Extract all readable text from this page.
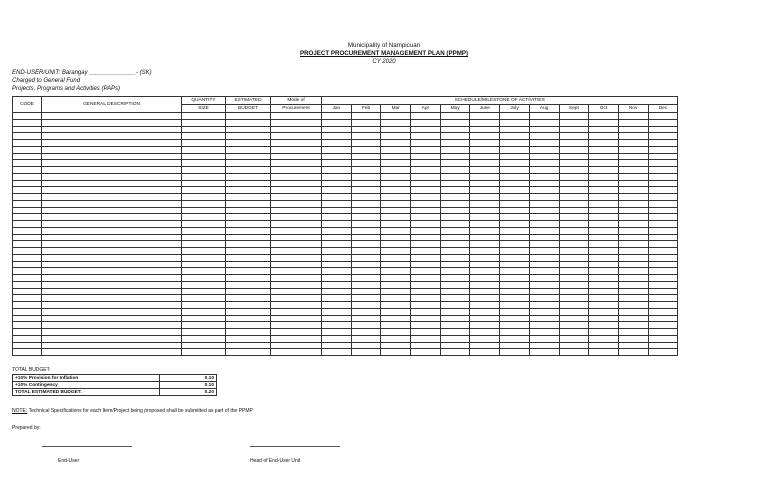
Municipality of Nampicuan
PROJECT PROCUREMENT MANAGEMENT PLAN (PPMP)
CY 2020
END-USER/UNIT: Barangay ______________- (SK)
Charged to General Fund
Projects, Programs and Activities (PAPs)
CODE	GENERAL DESCRIPTION	QUANTITY	ESTIMATED	Mode of	SCHEDULE/MILESTONE OF ACTIVITIES											
		SIZE	BUDGET	Procurement	Jan	Feb	Mar	Apr	May	June	July	Aug	Sept	Oct	Nov	Dec

TOTAL BUDGET:
+10% Provision for Inflation	0.10
+10% Contingency	0.10
TOTAL ESTIMATED BUDGET:	0.20
NOTE: Technical Specifications for each Item/Project being proposed shall be submitted as part of the PPMP
Prepared by:
End-User	Head of End-User Unit
